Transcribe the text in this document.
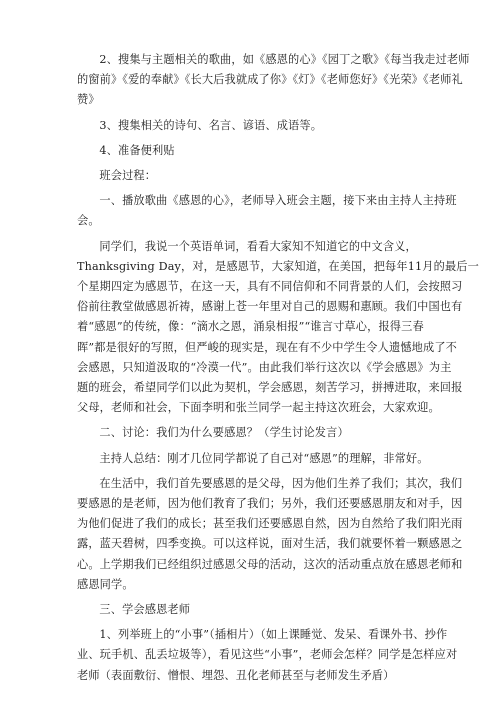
2、搜集与主题相关的歌曲，如《感恩的心》《园丁之歌》《每当我走过老师
的窗前》《爱的奉献》《长大后我就成了你》《灯》《老师您好》《光荣》《老师礼
赞》

3、搜集相关的诗句、名言、谚语、成语等。

4、准备便利贴

班会过程：

一、播放歌曲《感恩的心》，老师导入班会主题，接下来由主持人主持班
会。

同学们，我说一个英语单词，看看大家知不知道它的中文含义，
Thanksgiving Day，对，是感恩节，大家知道，在美国，把每年11月的最后一
个星期四定为感恩节，在这一天，具有不同信仰和不同背景的人们，会按照习
俗前往教堂做感恩祈祷，感谢上苍一年里对自己的恩赐和惠顾。我们中国也有
着“感恩”的传统，像：“滴水之恩，涌泉相报”“谁言寸草心，报得三春
晖”都是很好的写照，但严峻的现实是，现在有不少中学生令人遗憾地成了不
会感恩，只知道汲取的“冷漠一代”。由此我们举行这次以《学会感恩》为主
题的班会，希望同学们以此为契机，学会感恩，刻苦学习，拼搏进取，来回报
父母，老师和社会，下面李明和张兰同学一起主持这次班会，大家欢迎。

二、讨论：我们为什么要感恩？（学生讨论发言）

主持人总结：刚才几位同学都说了自己对“感恩”的理解，非常好。

在生活中，我们首先要感恩的是父母，因为他们生养了我们；其次，我们
要感恩的是老师，因为他们教育了我们；另外，我们还要感恩朋友和对手，因
为他们促进了我们的成长；甚至我们还要感恩自然，因为自然给了我们阳光雨
露，蓝天碧树，四季变换。可以这样说，面对生活，我们就要怀着一颗感恩之
心。上学期我们已经组织过感恩父母的活动，这次的活动重点放在感恩老师和
感恩同学。

三、学会感恩老师

1、列举班上的“小事”（插相片）（如上课睡觉、发呆、看课外书、抄作
业、玩手机、乱丢垃圾等），看见这些“小事”，老师会怎样？同学是怎样应对
老师（表面敷衍、憎恨、埋怨、丑化老师甚至与老师发生矛盾）
